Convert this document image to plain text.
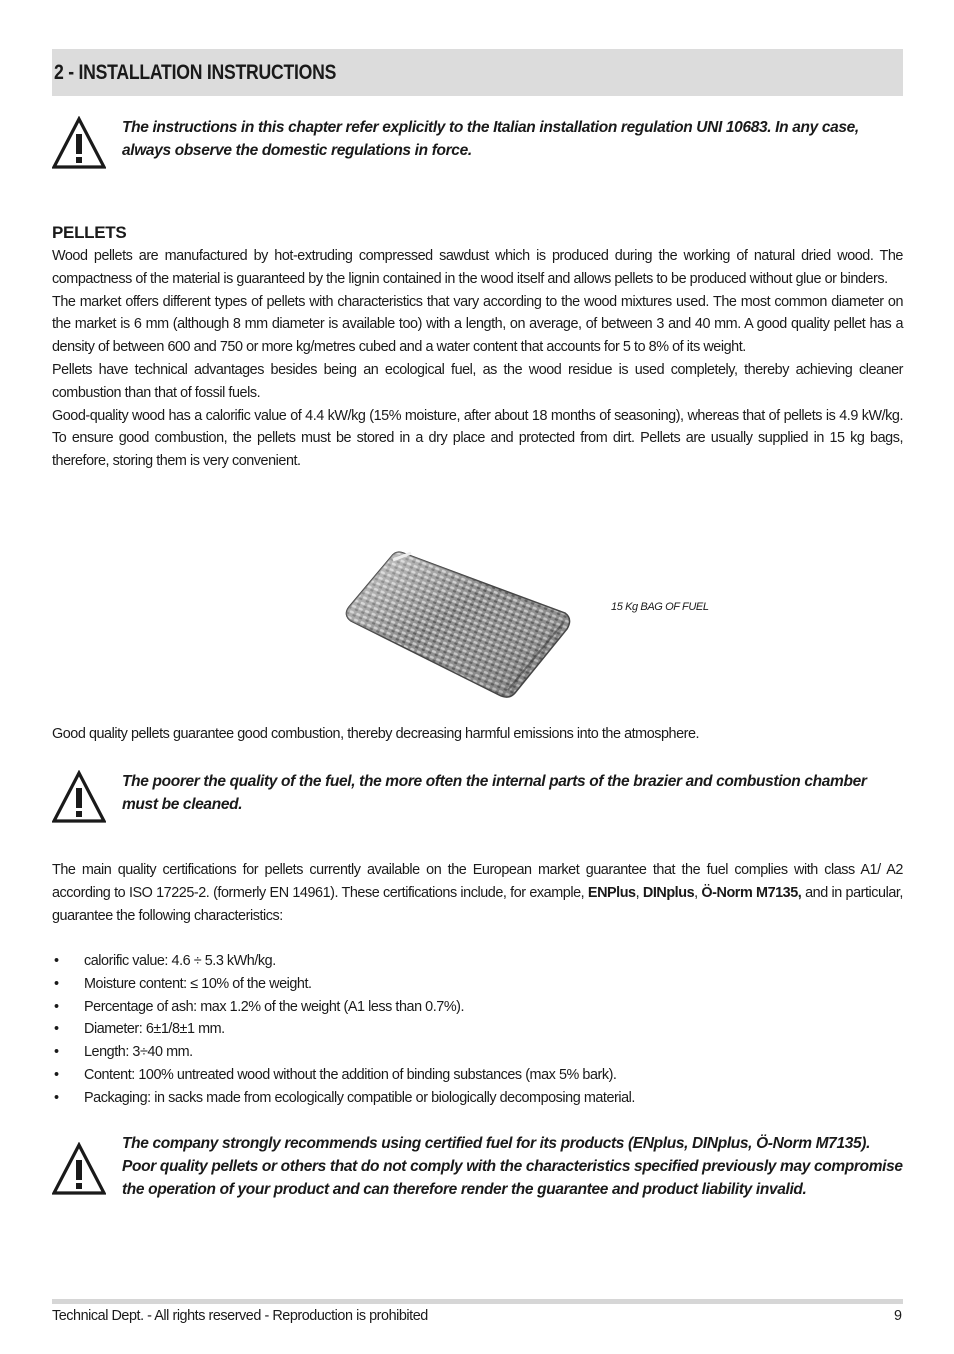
2 - INSTALLATION INSTRUCTIONS

The instructions in this chapter refer explicitly to the Italian installation regulation UNI 10683. In any case, always observe the domestic regulations in force.

PELLETS

Wood pellets are manufactured by hot-extruding compressed sawdust which is produced during the working of natural dried wood. The compactness of the material is guaranteed by the lignin contained in the wood itself and allows pellets to be produced without glue or binders.

The market offers different types of pellets with characteristics that vary according to the wood mixtures used. The most common diameter on the market is 6 mm (although 8 mm diameter is available too) with a length, on average, of between 3 and 40 mm. A good quality pellet has a density of between 600 and 750 or more kg/metres cubed and a water content that accounts for 5 to 8% of its weight.

Pellets have technical advantages besides being an ecological fuel, as the wood residue is used completely, thereby achieving cleaner combustion than that of fossil fuels.

Good-quality wood has a calorific value of 4.4 kW/kg (15% moisture, after about 18 months of seasoning), whereas that of pellets is 4.9 kW/kg. To ensure good combustion, the pellets must be stored in a dry place and protected from dirt. Pellets are usually supplied in 15 kg bags, therefore, storing them is very convenient.

15 Kg BAG OF FUEL
Good quality pellets guarantee good combustion, thereby decreasing harmful emissions into the atmosphere.

The poorer the quality of the fuel, the more often the internal parts of the brazier and combustion chamber must be cleaned.

The main quality certifications for pellets currently available on the European market guarantee that the fuel complies with class A1/ A2 according to ISO 17225-2. (formerly EN 14961). These certifications include, for example, ENPlus, DINplus, Ö-Norm M7135, and in particular, guarantee the following characteristics:
• calorific value: 4.6 ÷ 5.3 kWh/kg.
• Moisture content: ≤ 10% of the weight.
• Percentage of ash: max 1.2% of the weight (A1 less than 0.7%).
• Diameter: 6±1/8±1 mm.
• Length: 3÷40 mm.
• Content: 100% untreated wood without the addition of binding substances (max 5% bark).
• Packaging: in sacks made from ecologically compatible or biologically decomposing material.

The company strongly recommends using certified fuel for its products (ENplus, DINplus, Ö-Norm M7135).
Poor quality pellets or others that do not comply with the characteristics specified previously may compromise the operation of your product and can therefore render the guarantee and product liability invalid.

Technical Dept. - All rights reserved - Reproduction is prohibited	9
